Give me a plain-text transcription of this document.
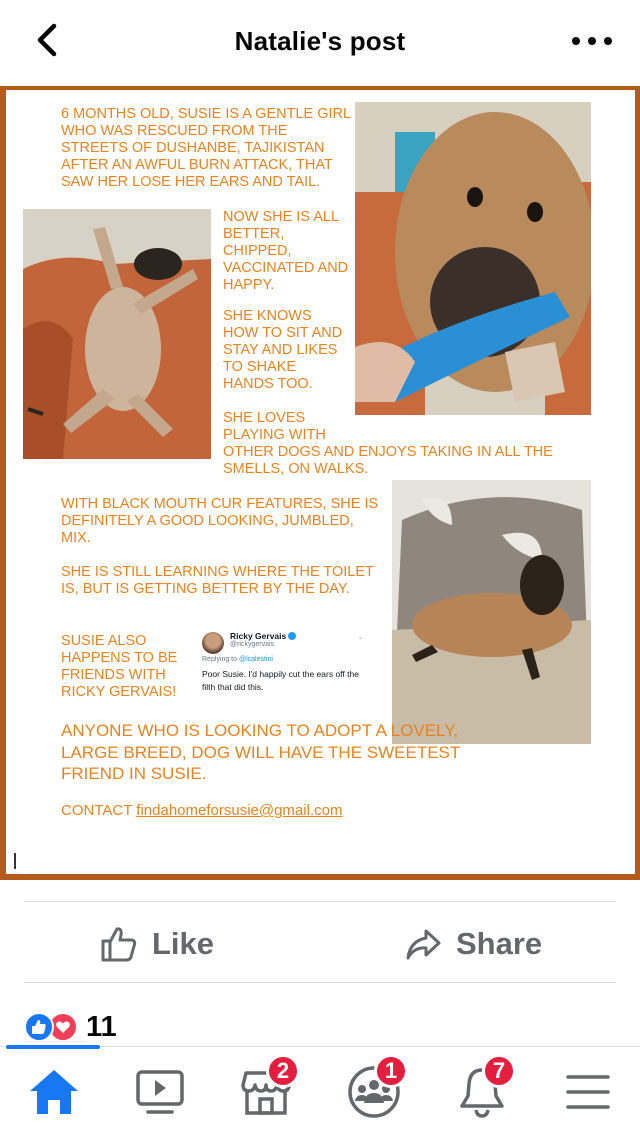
Natalie's post
6 MONTHS OLD, SUSIE IS A GENTLE GIRL WHO WAS RESCUED FROM THE STREETS OF DUSHANBE, TAJIKISTAN AFTER AN AWFUL BURN ATTACK, THAT SAW HER LOSE HER EARS AND TAIL.
NOW SHE IS ALL BETTER, CHIPPED, VACCINATED AND HAPPY.
SHE KNOWS HOW TO SIT AND STAY AND LIKES TO SHAKE HANDS TOO.
SHE LOVES PLAYING WITH
OTHER DOGS AND ENJOYS TAKING IN ALL THE SMELLS, ON WALKS.
WITH BLACK MOUTH CUR FEATURES, SHE IS DEFINITELY A GOOD LOOKING, JUMBLED, MIX.
SHE IS STILL LEARNING WHERE THE TOILET IS, BUT IS GETTING BETTER BY THE DAY.
SUSIE ALSO HAPPENS TO BE FRIENDS WITH RICKY GERVAIS!
Ricky Gervais
@rickygervais
⌄
Replying to @lcalestini
Poor Susie. I'd happily cut the ears off the filth that did this.
ANYONE WHO IS LOOKING TO ADOPT A LOVELY, LARGE BREED, DOG WILL HAVE THE SWEETEST FRIEND IN SUSIE.
CONTACT findahomeforsusie@gmail.com
Like	Share
11
2	1	7
